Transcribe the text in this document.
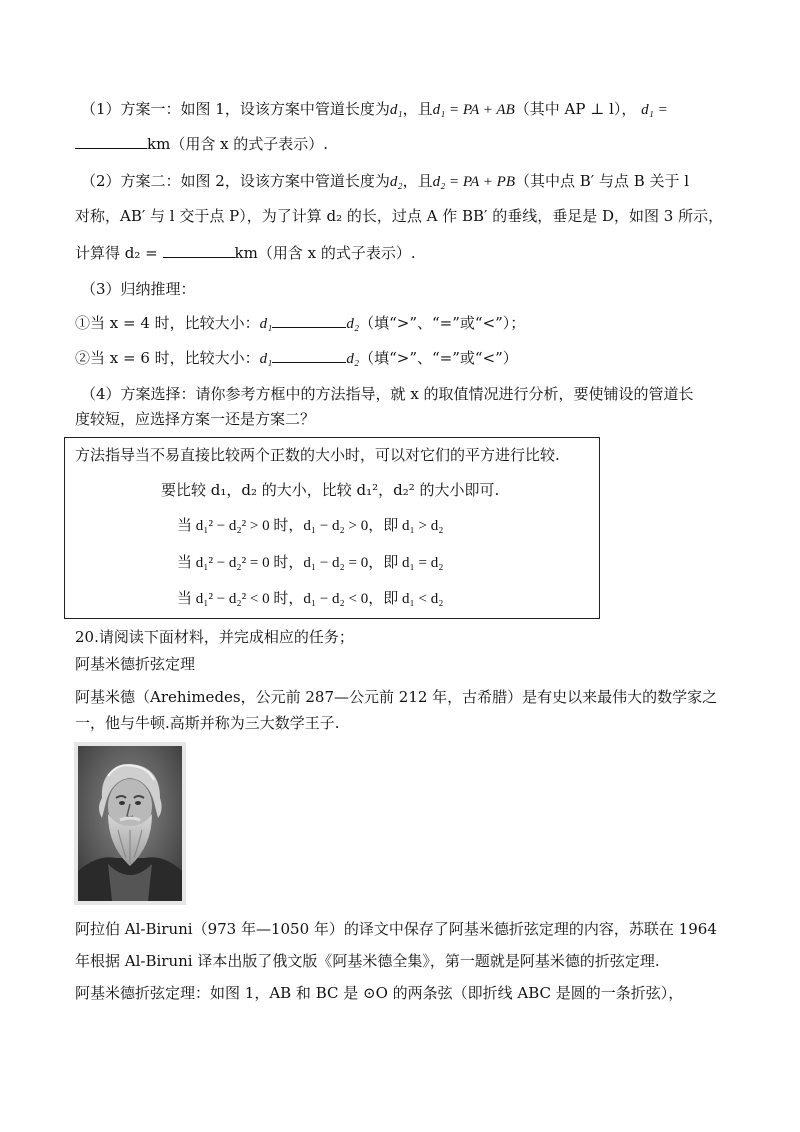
（1）方案一：如图 1，设该方案中管道长度为d₁，且d₁ = PA + AB（其中 AP ⊥ l）， d₁ =
km（用含 x 的式子表示）.
（2）方案二：如图 2，设该方案中管道长度为d₂，且d₂ = PA + PB（其中点 B′ 与点 B 关于 l
对称，AB′ 与 l 交于点 P），为了计算 d₂ 的长，过点 A 作 BB′ 的垂线，垂足是 D，如图 3 所示，
计算得 d₂ =	km（用含 x 的式子表示）.
（3）归纳推理：
①当 x = 4 时，比较大小：d₁	d₂（填“>”、“=”或“<”）；
②当 x = 6 时，比较大小：d₁	d₂（填“>”、“=”或“<”）
（4）方案选择：请你参考方框中的方法指导，就 x 的取值情况进行分析，要使铺设的管道长
度较短，应选择方案一还是方案二？
方法指导当不易直接比较两个正数的大小时，可以对它们的平方进行比较.
要比较 d₁，d₂ 的大小，比较 d₁²，d₂² 的大小即可.
当 d₁² − d₂² > 0 时，d₁ − d₂ > 0，即 d₁ > d₂
当 d₁² − d₂² = 0 时，d₁ − d₂ = 0，即 d₁ = d₂
当 d₁² − d₂² < 0 时，d₁ − d₂ < 0，即 d₁ < d₂
20.请阅读下面材料，并完成相应的任务；
阿基米德折弦定理
阿基米德（Arehimedes，公元前 287—公元前 212 年，古希腊）是有史以来最伟大的数学家之
一，他与牛顿.高斯并称为三大数学王子.
阿拉伯 Al-Biruni（973 年—1050 年）的译文中保存了阿基米德折弦定理的内容，苏联在 1964
年根据 Al-Biruni 译本出版了俄文版《阿基米德全集》，第一题就是阿基米德的折弦定理.
阿基米德折弦定理：如图 1，AB 和 BC 是 ⊙O 的两条弦（即折线 ABC 是圆的一条折弦），
